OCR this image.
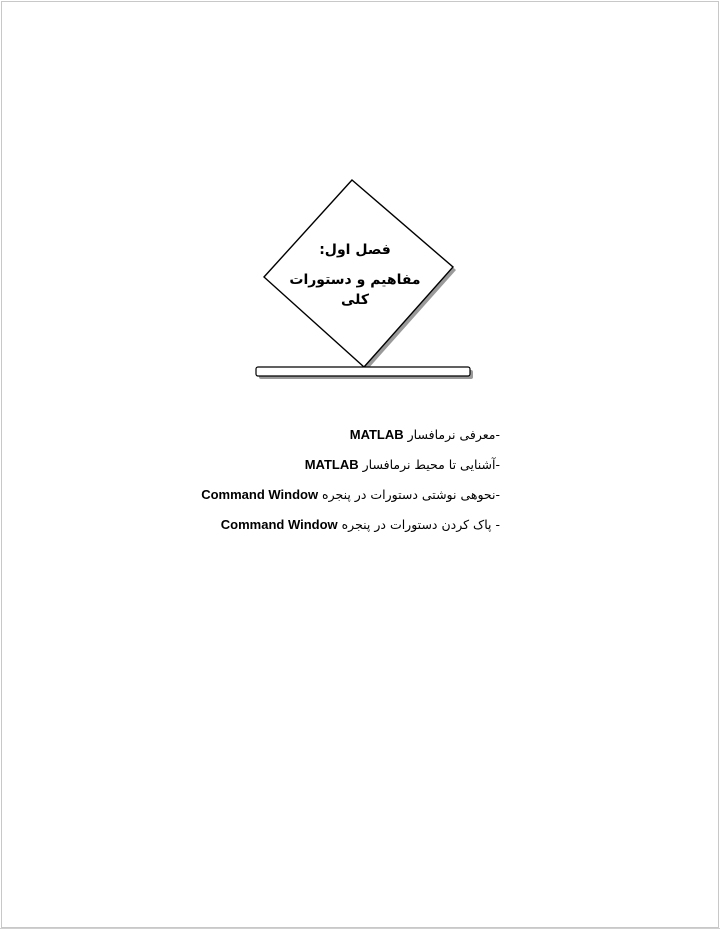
فصل اول:
مفاهیم و دستورات کلی
-معرفی نرمافسار MATLAB
-آشنایی تا محیط نرمافسار MATLAB
-نحوهی نوشتی دستورات در پنجره Command Window
- پاک کردن دستورات در پنجره Command Window
